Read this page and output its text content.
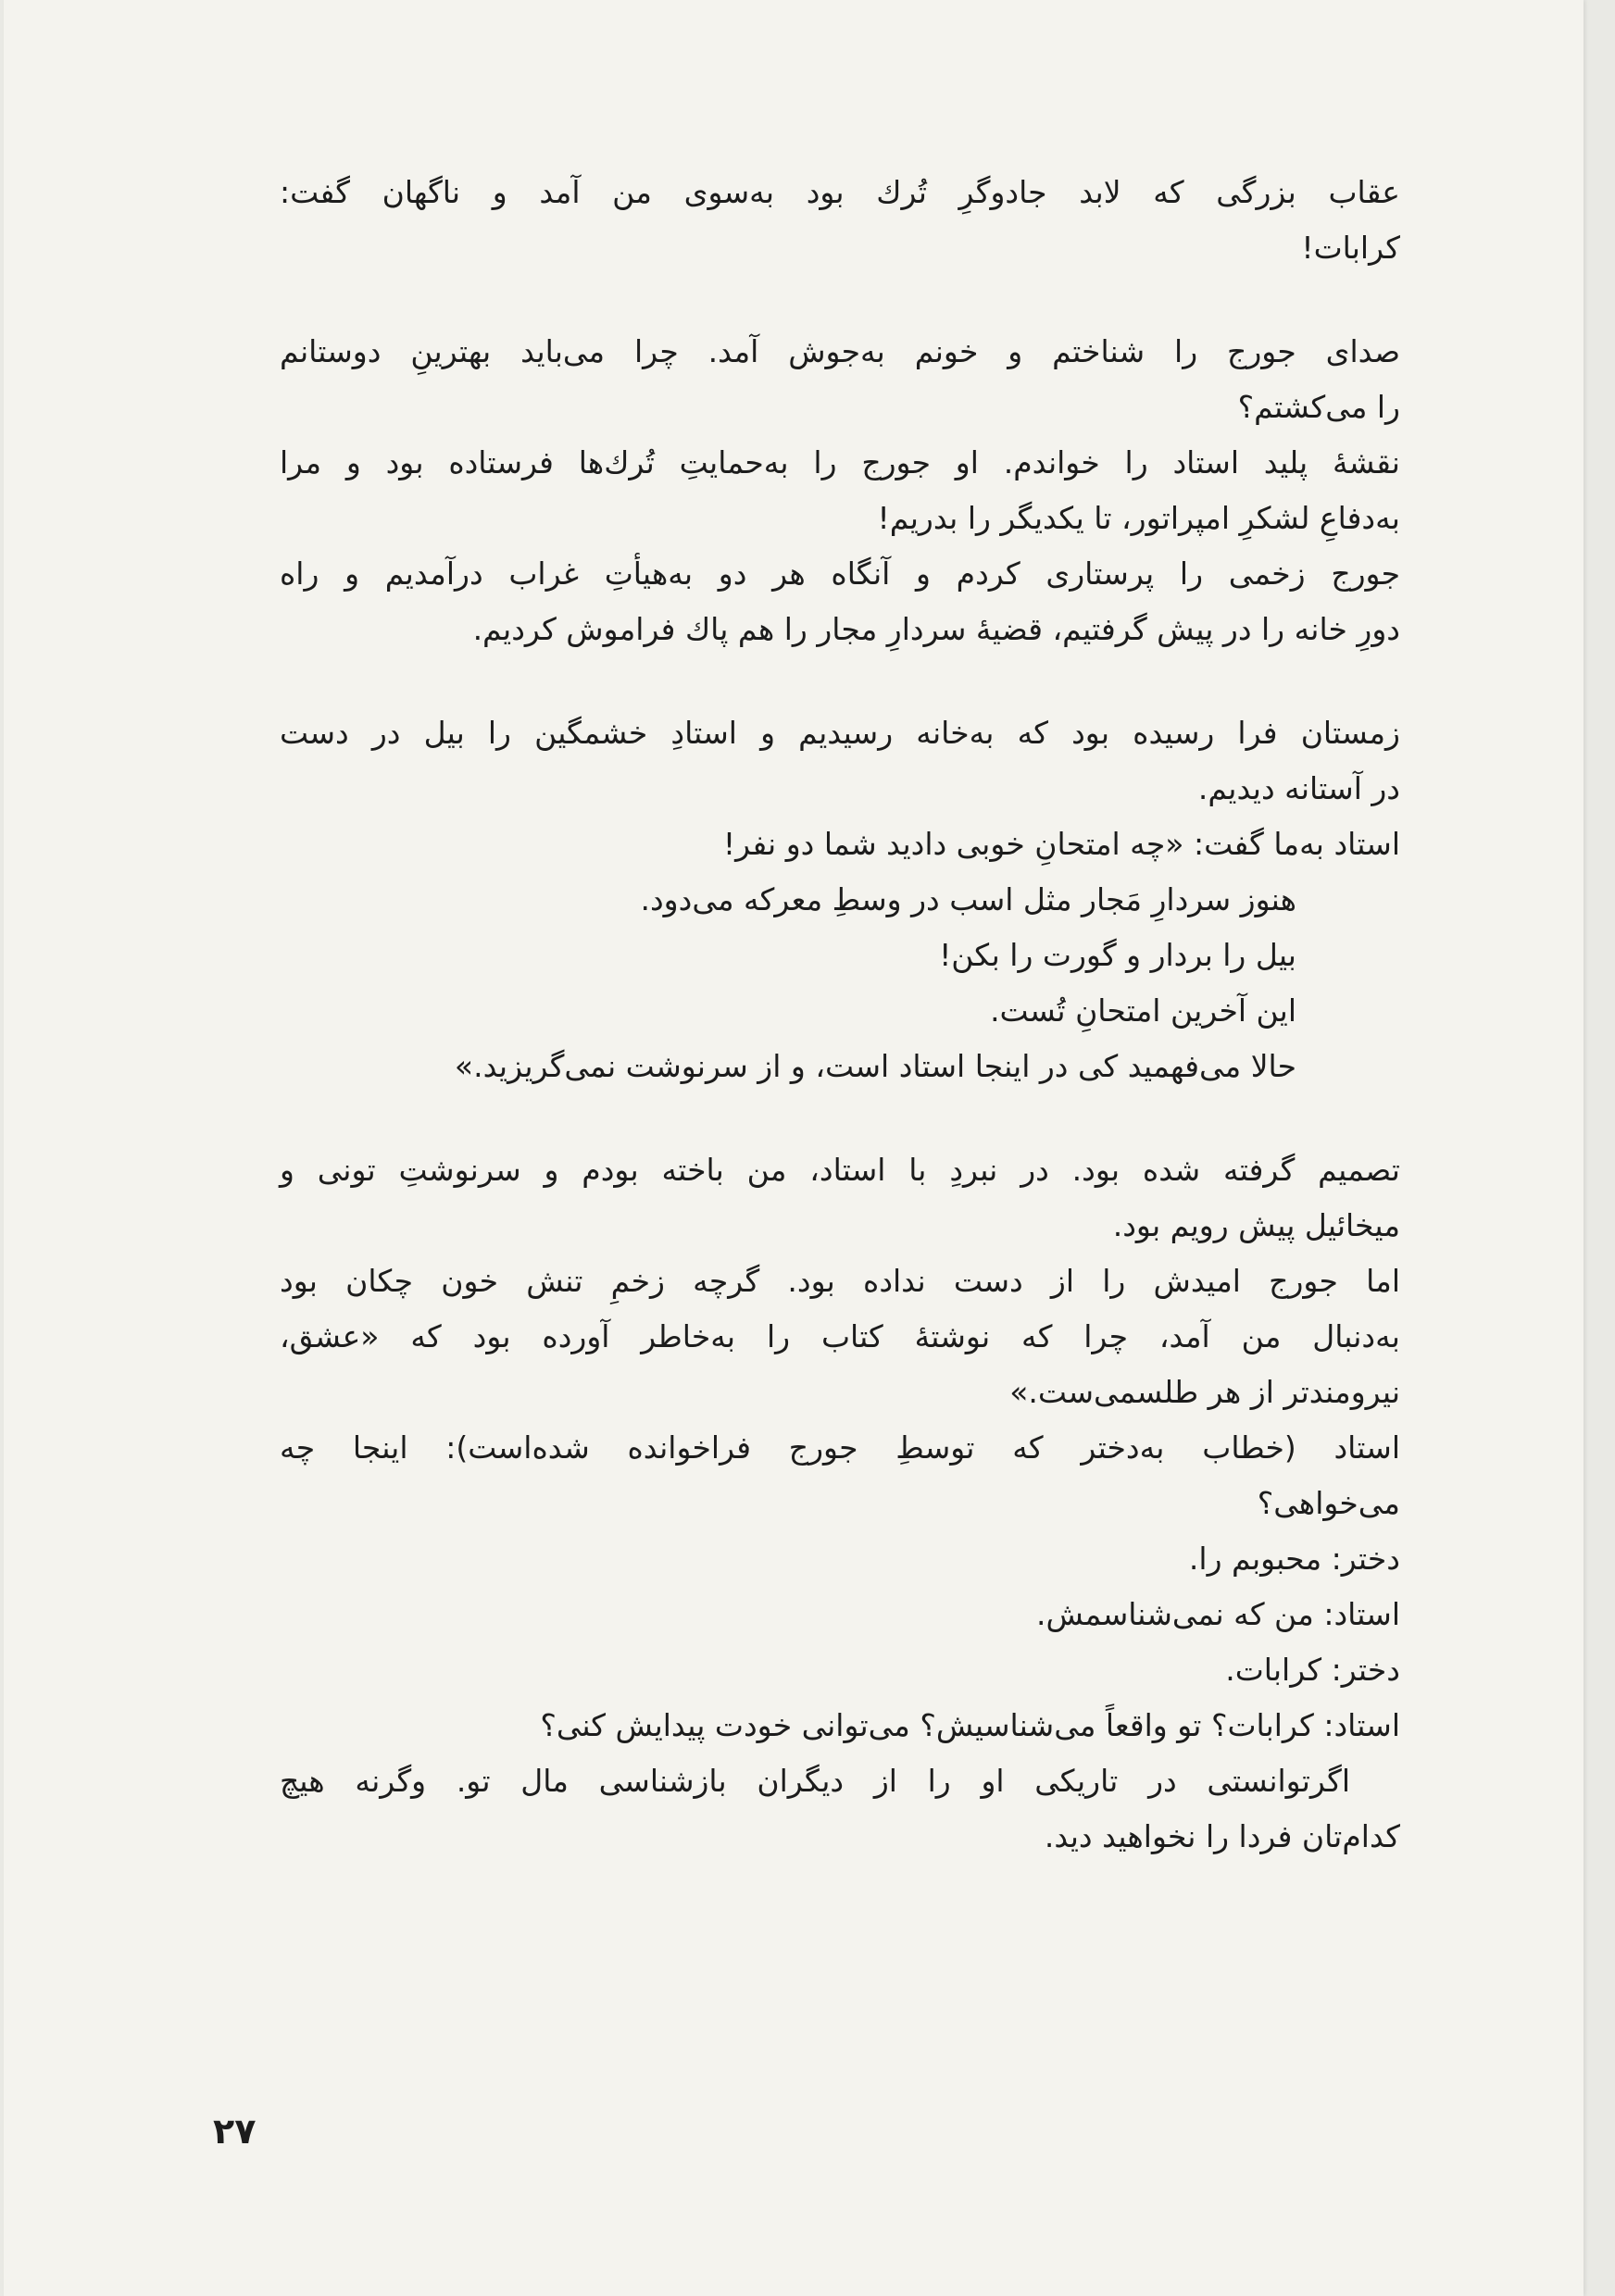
عقاب بزرگی که لابد جادوگرِ تُرك بود به‌سوی من آمد و ناگهان گفت:
کرابات!
صدای جورج را شناختم و خونم به‌جوش آمد. چرا می‌باید بهترینِ دوستانم
را می‌کشتم؟
نقشهٔ پلید استاد را خواندم. او جورج را به‌حمایتِ تُرك‌ها فرستاده بود و مرا
به‌دفاعِ لشکرِ امپراتور، تا یکدیگر را بدریم!
جورج زخمی را پرستاری کردم و آنگاه هر دو به‌هیأتِ غراب درآمدیم و راه
دورِ خانه را در پیش گرفتیم، قضیهٔ سردارِ مجار را هم پاك فراموش کردیم.
زمستان فرا رسیده بود که به‌خانه رسیدیم و استادِ خشمگین را بیل در دست
در آستانه دیدیم.
استاد به‌ما گفت: «چه امتحانِ خوبی دادید شما دو نفر!
هنوز سردارِ مَجار مثل اسب در وسطِ معرکه می‌دود.
بیل را بردار و گورت را بکن!
این آخرین امتحانِ تُست.
حالا می‌فهمید کی در اینجا استاد است، و از سرنوشت نمی‌گریزید.»
تصمیم گرفته شده بود. در نبردِ با استاد، من باخته بودم و سرنوشتِ تونی و
میخائیل پیش رویم بود.
اما جورج امیدش را از دست نداده بود. گرچه زخمِ تنش خون چکان بود
به‌دنبال من آمد، چرا که نوشتهٔ کتاب را به‌خاطر آورده بود که «عشق،
نیرومندتر از هر طلسمی‌ست.»
استاد (خطاب به‌دختر که توسطِ جورج فراخوانده شده‌است): اینجا چه
می‌خواهی؟
دختر: محبوبم را.
استاد: من که نمی‌شناسمش.
دختر: کرابات.
استاد: کرابات؟ تو واقعاً می‌شناسیش؟ می‌توانی خودت پیدایش کنی؟
اگرتوانستی در تاریکی او را از دیگران بازشناسی مال تو. وگرنه هیچ
کدام‌تان فردا را نخواهید دید.
۲۷
